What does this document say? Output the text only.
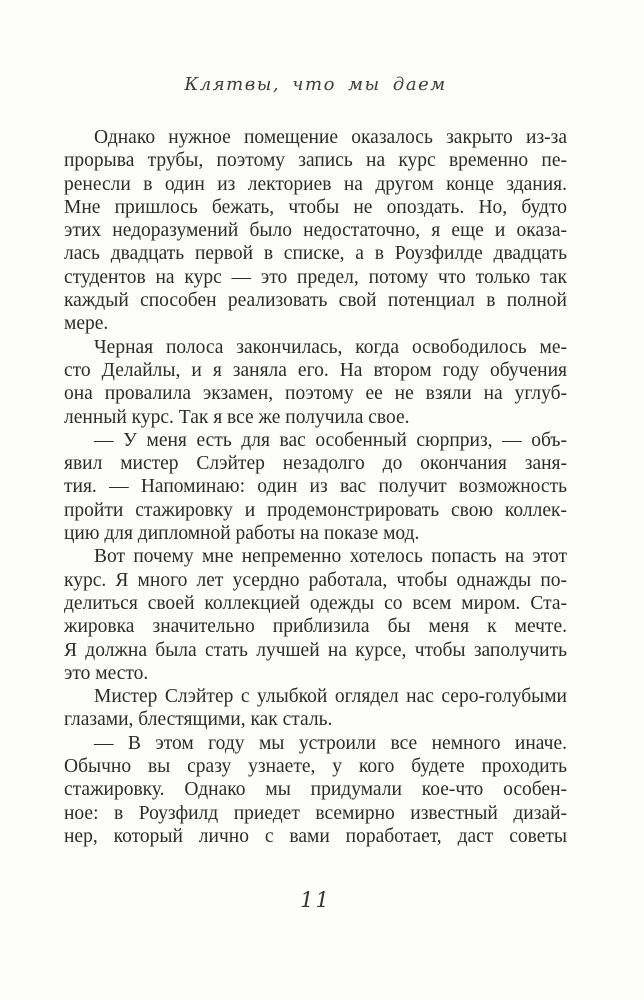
Клятвы, что мы даем
Однако нужное помещение оказалось закрыто из-за
прорыва трубы, поэтому запись на курс временно пе-
ренесли в один из лекториев на другом конце здания.
Мне пришлось бежать, чтобы не опоздать. Но, будто
этих недоразумений было недостаточно, я еще и оказа-
лась двадцать первой в списке, а в Роузфилде двадцать
студентов на курс — это предел, потому что только так
каждый способен реализовать свой потенциал в полной
мере.
Черная полоса закончилась, когда освободилось ме-
сто Делайлы, и я заняла его. На втором году обучения
она провалила экзамен, поэтому ее не взяли на углуб-
ленный курс. Так я все же получила свое.
— У меня есть для вас особенный сюрприз, — объ-
явил мистер Слэйтер незадолго до окончания заня-
тия. — Напоминаю: один из вас получит возможность
пройти стажировку и продемонстрировать свою коллек-
цию для дипломной работы на показе мод.
Вот почему мне непременно хотелось попасть на этот
курс. Я много лет усердно работала, чтобы однажды по-
делиться своей коллекцией одежды со всем миром. Ста-
жировка значительно приблизила бы меня к мечте.
Я должна была стать лучшей на курсе, чтобы заполучить
это место.
Мистер Слэйтер с улыбкой оглядел нас серо-голубыми
глазами, блестящими, как сталь.
— В этом году мы устроили все немного иначе.
Обычно вы сразу узнаете, у кого будете проходить
стажировку. Однако мы придумали кое-что особен-
ное: в Роузфилд приедет всемирно известный дизай-
нер, который лично с вами поработает, даст советы
11
